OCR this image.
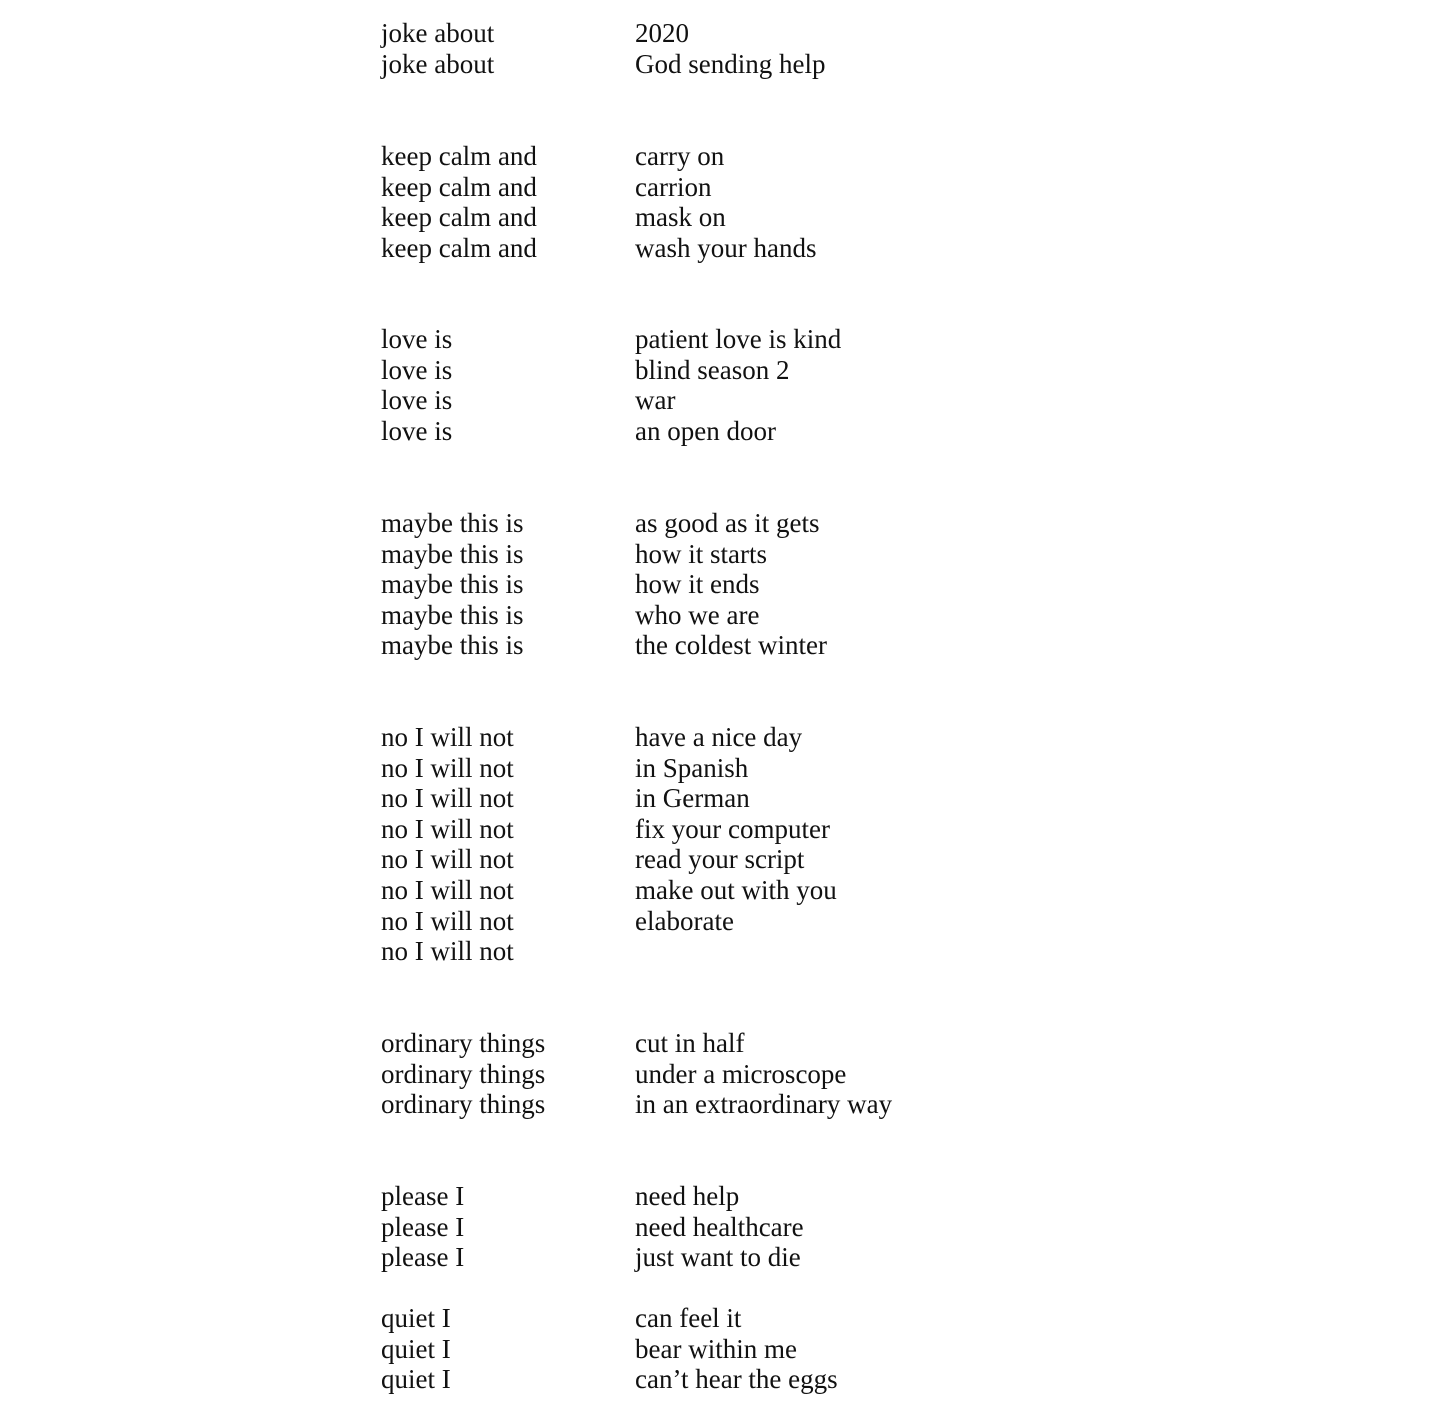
joke about	2020
joke about	God sending help
keep calm and	carry on
keep calm and	carrion
keep calm and	mask on
keep calm and	wash your hands
love is	patient love is kind
love is	blind season 2
love is	war
love is	an open door
maybe this is	as good as it gets
maybe this is	how it starts
maybe this is	how it ends
maybe this is	who we are
maybe this is	the coldest winter
no I will not	have a nice day
no I will not	in Spanish
no I will not	in German
no I will not	fix your computer
no I will not	read your script
no I will not	make out with you
no I will not	elaborate
no I will not
ordinary things	cut in half
ordinary things	under a microscope
ordinary things	in an extraordinary way
please I	need help
please I	need healthcare
please I	just want to die
quiet I	can feel it
quiet I	bear within me
quiet I	can’t hear the eggs
